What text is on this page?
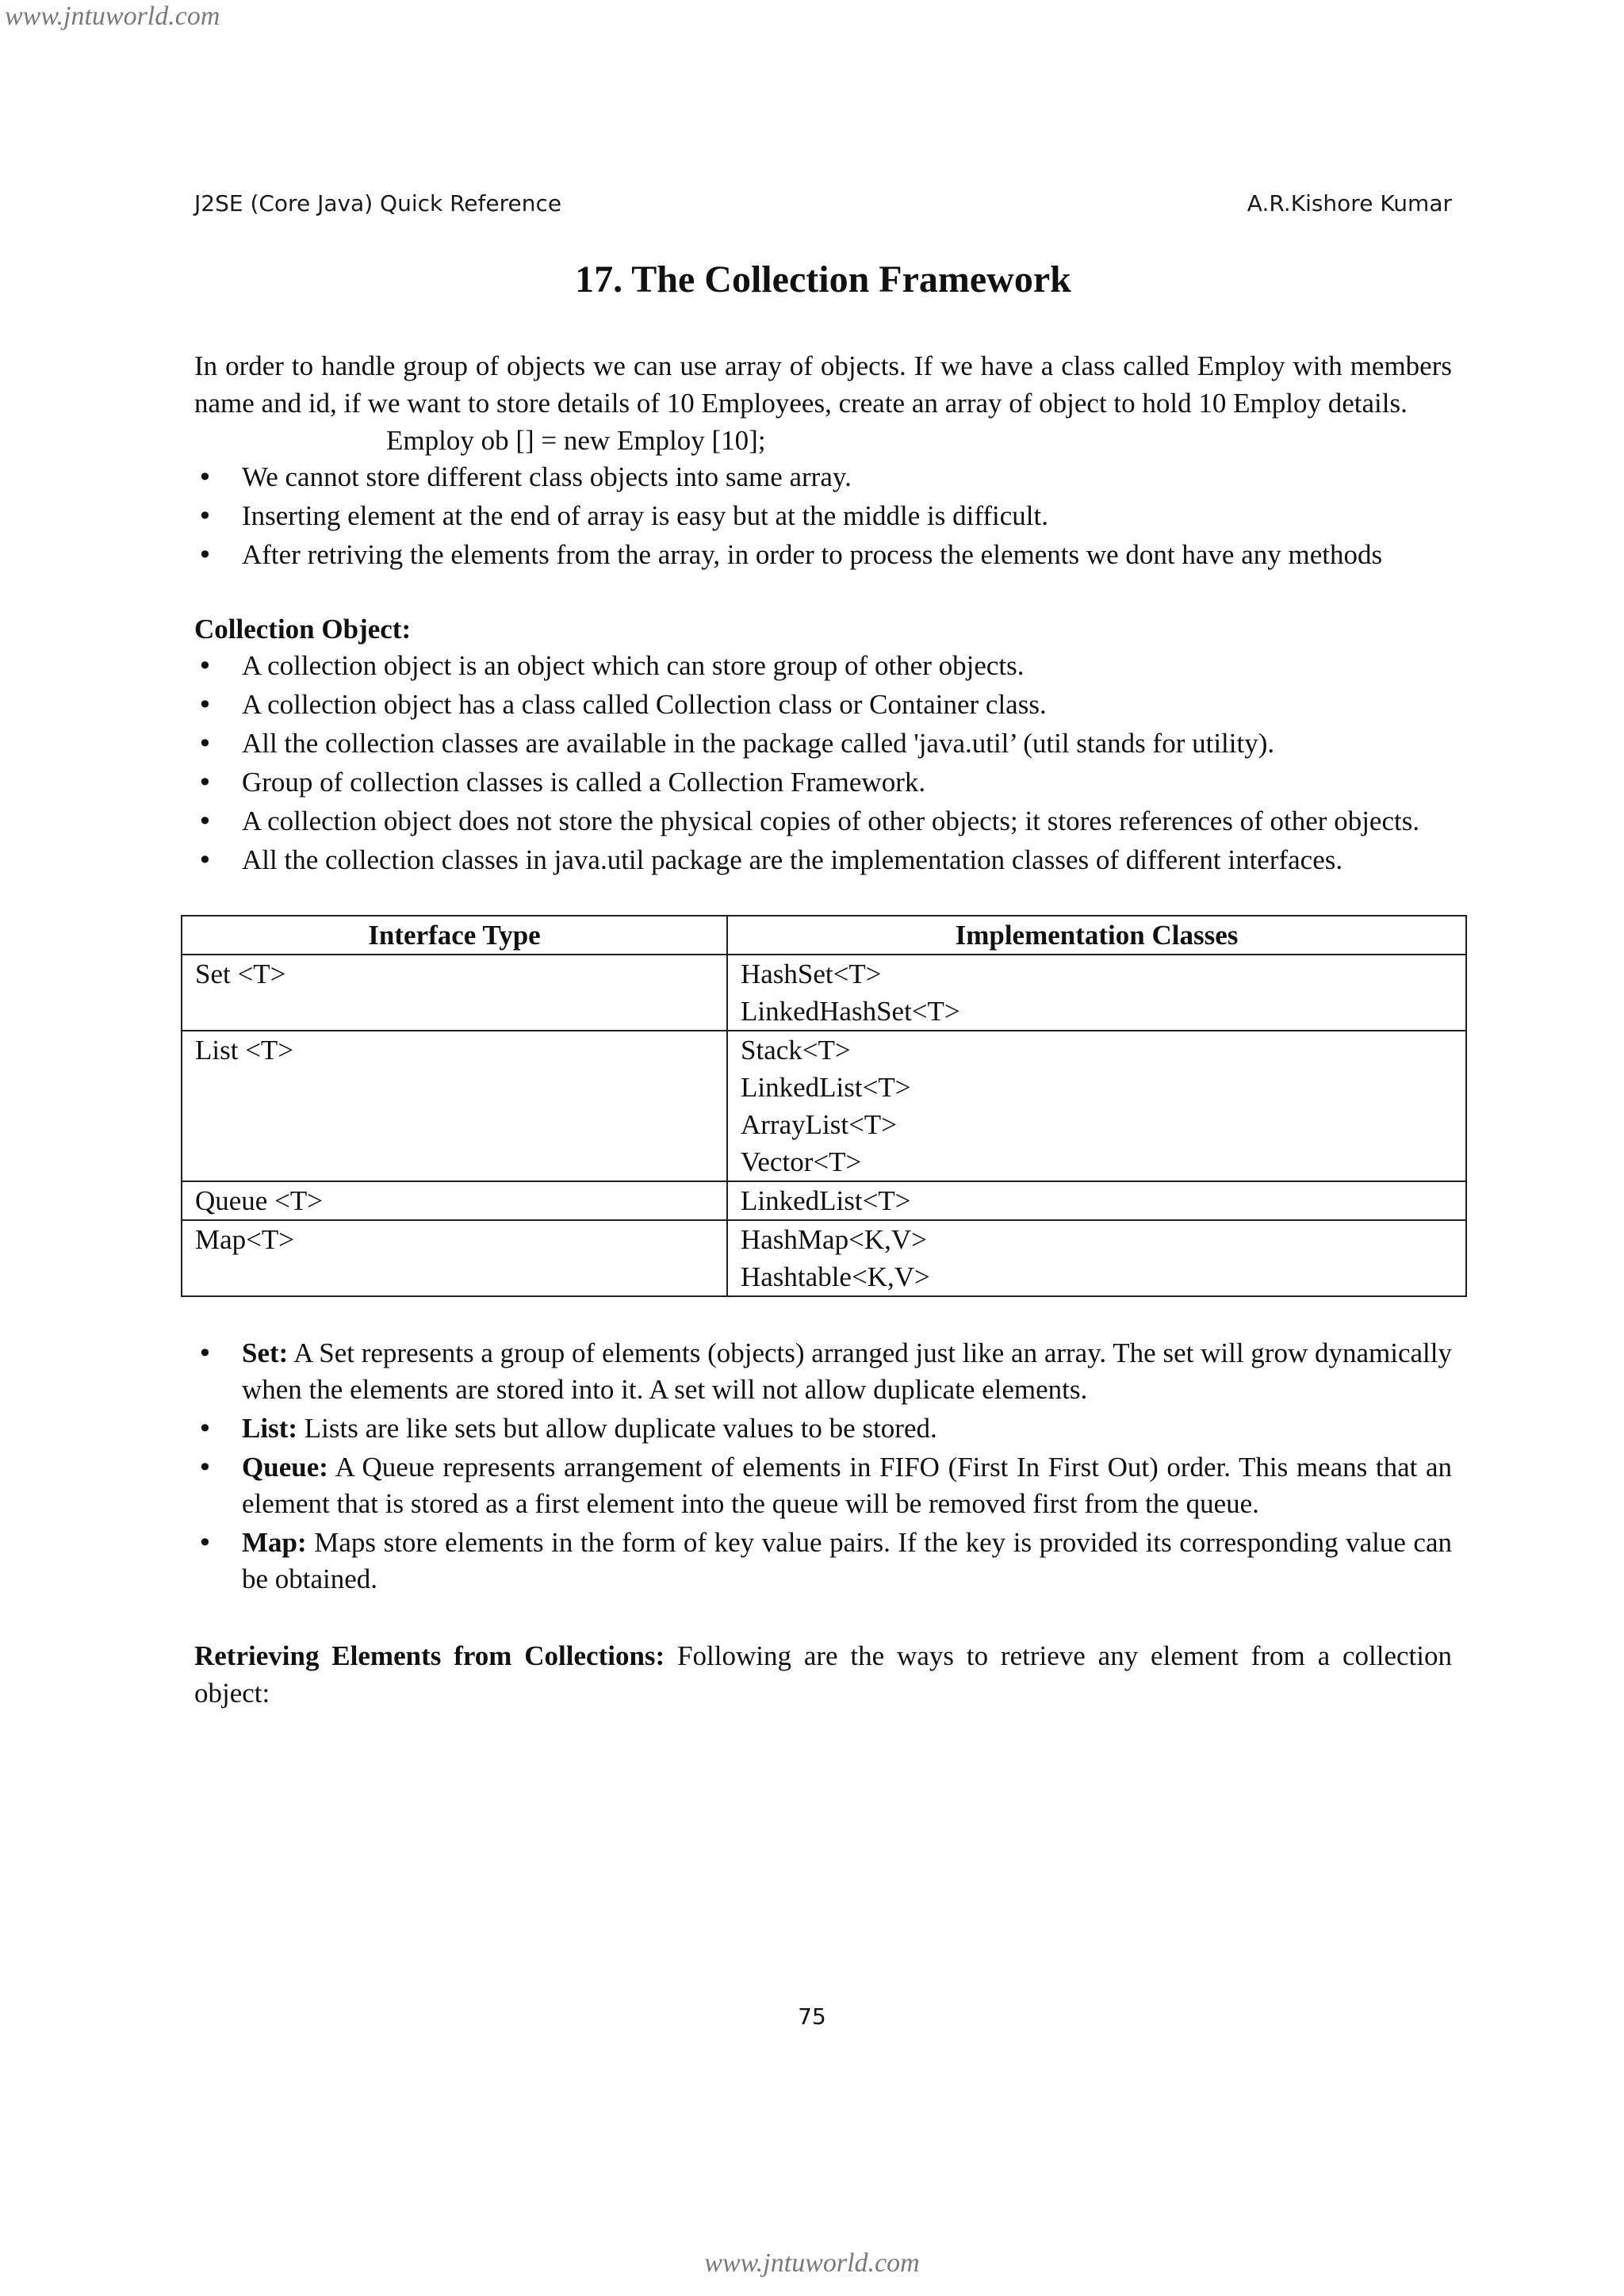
www.jntuworld.com
J2SE (Core Java) Quick Reference	A.R.Kishore Kumar
17. The Collection Framework

In order to handle group of objects we can use array of objects. If we have a class called Employ with members name and id, if we want to store details of 10 Employees, create an array of object to hold 10 Employ details.

Employ ob [] = new Employ [10];
• We cannot store different class objects into same array.
• Inserting element at the end of array is easy but at the middle is difficult.
• After retriving the elements from the array, in order to process the elements we dont have any methods
Collection Object:
• A collection object is an object which can store group of other objects.
• A collection object has a class called Collection class or Container class.
• All the collection classes are available in the package called 'java.util’ (util stands for utility).
• Group of collection classes is called a Collection Framework.
• A collection object does not store the physical copies of other objects; it stores references of other objects.
• All the collection classes in java.util package are the implementation classes of different interfaces.
Interface Type	Implementation Classes
Set <T>	HashSet<T>
LinkedHashSet<T>

List <T>	Stack<T>
LinkedList<T>
ArrayList<T>
Vector<T>

Queue <T>	LinkedList<T>

Map<T>	HashMap<K,V>
Hashtable<K,V>
• Set: A Set represents a group of elements (objects) arranged just like an array. The set will grow dynamically when the elements are stored into it. A set will not allow duplicate elements.
• List: Lists are like sets but allow duplicate values to be stored.
• Queue: A Queue represents arrangement of elements in FIFO (First In First Out) order. This means that an element that is stored as a first element into the queue will be removed first from the queue.
• Map: Maps store elements in the form of key value pairs. If the key is provided its corresponding value can be obtained.

Retrieving Elements from Collections: Following are the ways to retrieve any element from a collection object:

75
www.jntuworld.com
